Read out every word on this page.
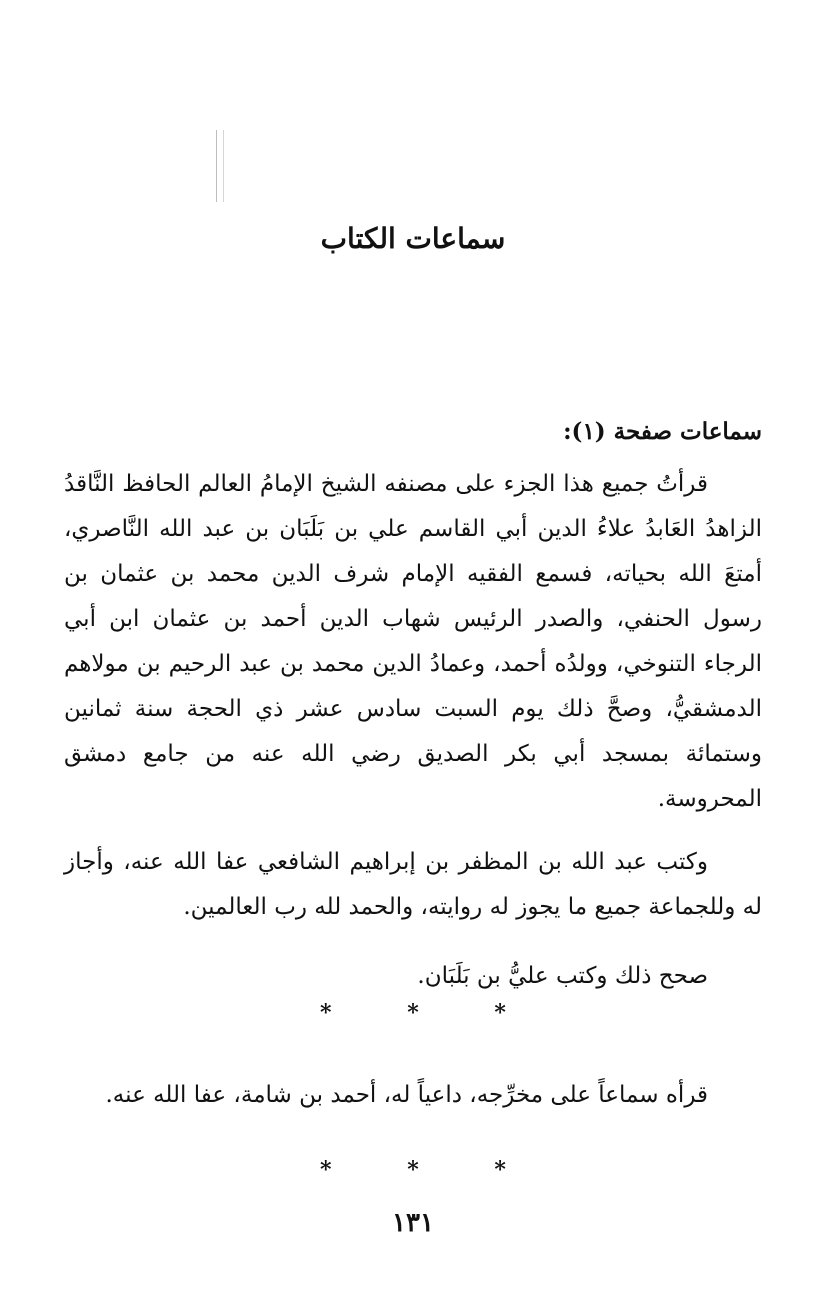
سماعات الكتاب

سماعات صفحة (١):

قرأتُ جميع هذا الجزء على مصنفه الشيخ الإمامُ العالم الحافظ النَّاقدُ الزاهدُ العَابدُ علاءُ الدين أبي القاسم علي بن بَلَبَان بن عبد الله النَّاصري، أمتعَ الله بحياته، فسمع الفقيه الإمام شرف الدين محمد بن عثمان بن رسول الحنفي، والصدر الرئيس شهاب الدين أحمد بن عثمان ابن أبي الرجاء التنوخي، وولدُه أحمد، وعمادُ الدين محمد بن عبد الرحيم بن مولاهم الدمشقيُّ، وصحَّ ذلك يوم السبت سادس عشر ذي الحجة سنة ثمانين وستمائة بمسجد أبي بكر الصديق رضي الله عنه من جامع دمشق المحروسة.

وكتب عبد الله بن المظفر بن إبراهيم الشافعي عفا الله عنه، وأجاز له وللجماعة جميع ما يجوز له روايته، والحمد لله رب العالمين.

صحح ذلك وكتب عليُّ بن بَلَبَان.

*	*	*

قرأه سماعاً على مخرِّجه، داعياً له، أحمد بن شامة، عفا الله عنه.

*	*	*
١٣١
